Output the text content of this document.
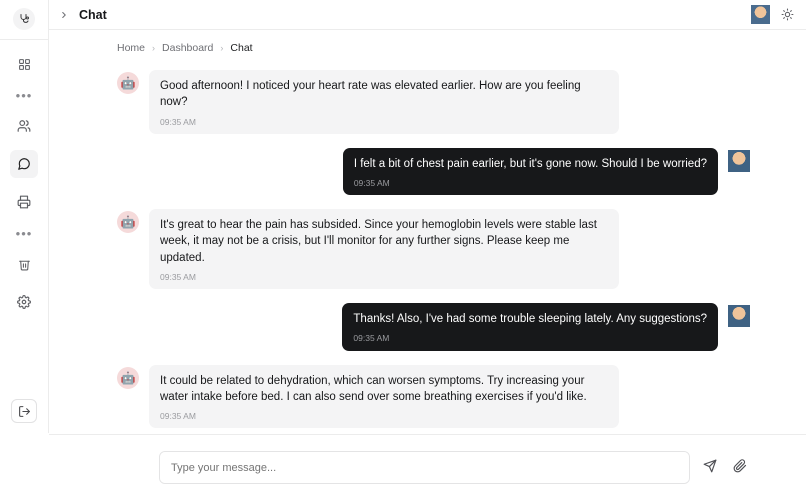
•••
•••
Chat
Home › Dashboard › Chat
🤖	Good afternoon! I noticed your heart rate was elevated earlier. How are you feeling now?
09:35 AM
I felt a bit of chest pain earlier, but it's gone now. Should I be worried?
09:35 AM
🤖	It's great to hear the pain has subsided. Since your hemoglobin levels were stable last week, it may not be a crisis, but I'll monitor for any further signs. Please keep me updated.
09:35 AM
Thanks! Also, I've had some trouble sleeping lately. Any suggestions?
09:35 AM
🤖	It could be related to dehydration, which can worsen symptoms. Try increasing your water intake before bed. I can also send over some breathing exercises if you'd like.
09:35 AM
Type your message...
